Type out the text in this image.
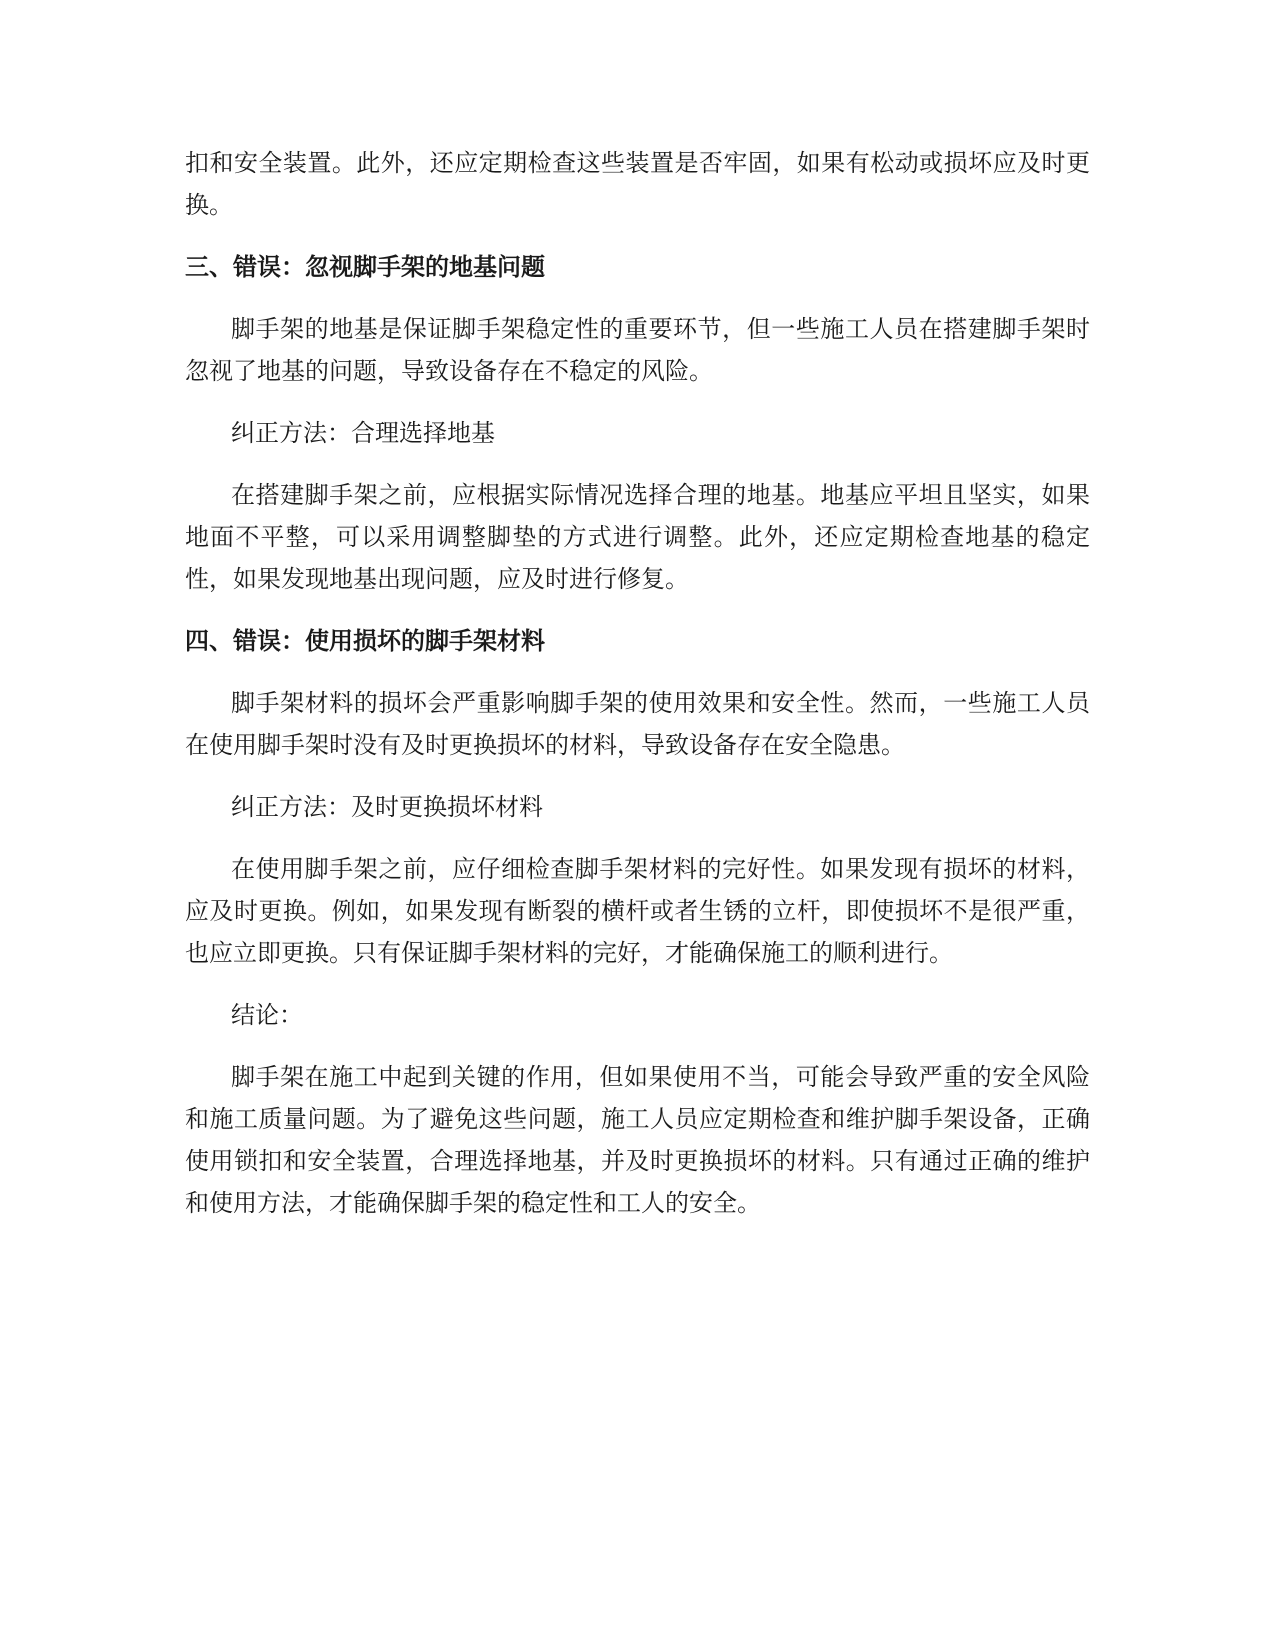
扣和安全装置。此外，还应定期检查这些装置是否牢固，如果有松动或损坏应及时更换。

三、错误：忽视脚手架的地基问题

脚手架的地基是保证脚手架稳定性的重要环节，但一些施工人员在搭建脚手架时忽视了地基的问题，导致设备存在不稳定的风险。

纠正方法：合理选择地基

在搭建脚手架之前，应根据实际情况选择合理的地基。地基应平坦且坚实，如果地面不平整，可以采用调整脚垫的方式进行调整。此外，还应定期检查地基的稳定性，如果发现地基出现问题，应及时进行修复。

四、错误：使用损坏的脚手架材料

脚手架材料的损坏会严重影响脚手架的使用效果和安全性。然而，一些施工人员在使用脚手架时没有及时更换损坏的材料，导致设备存在安全隐患。

纠正方法：及时更换损坏材料

在使用脚手架之前，应仔细检查脚手架材料的完好性。如果发现有损坏的材料，应及时更换。例如，如果发现有断裂的横杆或者生锈的立杆，即使损坏不是很严重，也应立即更换。只有保证脚手架材料的完好，才能确保施工的顺利进行。

结论：

脚手架在施工中起到关键的作用，但如果使用不当，可能会导致严重的安全风险和施工质量问题。为了避免这些问题，施工人员应定期检查和维护脚手架设备，正确使用锁扣和安全装置，合理选择地基，并及时更换损坏的材料。只有通过正确的维护和使用方法，才能确保脚手架的稳定性和工人的安全。
